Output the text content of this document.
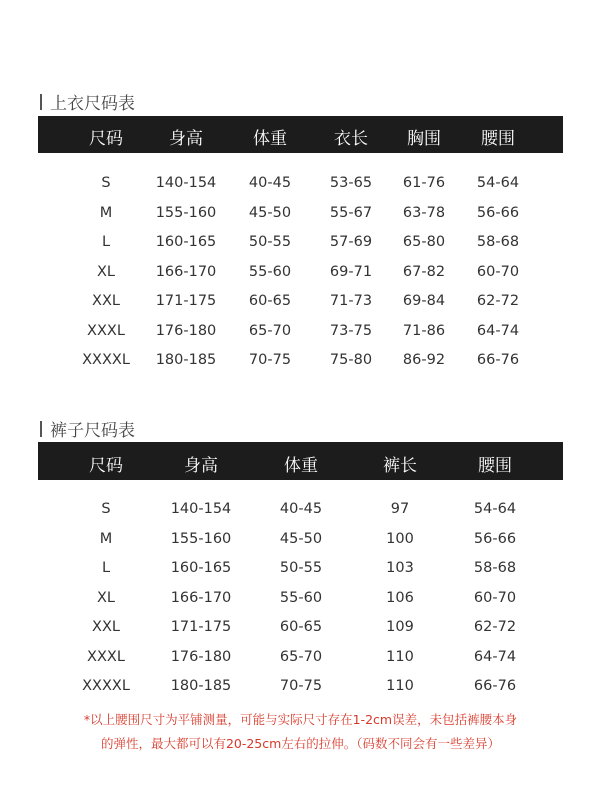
上衣尺码表
尺码	身高	体重	衣长 胸围 腰围
S	140-154 40-45	53-65 61-76 54-64
M	155-160 45-50	55-67 63-78 56-66
L	160-165 50-55	57-69 65-80 58-68
XL	166-170 55-60	69-71 67-82 60-70
XXL 171-175 60-65	71-73 69-84 62-72
XXXL 176-180 65-70	73-75 71-86 64-74
XXXXL 180-185 70-75	75-80 86-92 66-76
裤子尺码表
尺码	身高	体重	裤长	腰围
S	140-154	40-45	97	54-64
M	155-160	45-50	100	56-66
L	160-165	50-55	103	58-68
XL	166-170	55-60	106	60-70
XXL	171-175	60-65	109	62-72
XXXL	176-180	65-70	110	64-74
XXXXL	180-185	70-75	110	66-76
*以上腰围尺寸为平铺测量，可能与实际尺寸存在1-2cm误差，未包括裤腰本身
的弹性，最大都可以有20-25cm左右的拉伸。（码数不同会有一些差异）
